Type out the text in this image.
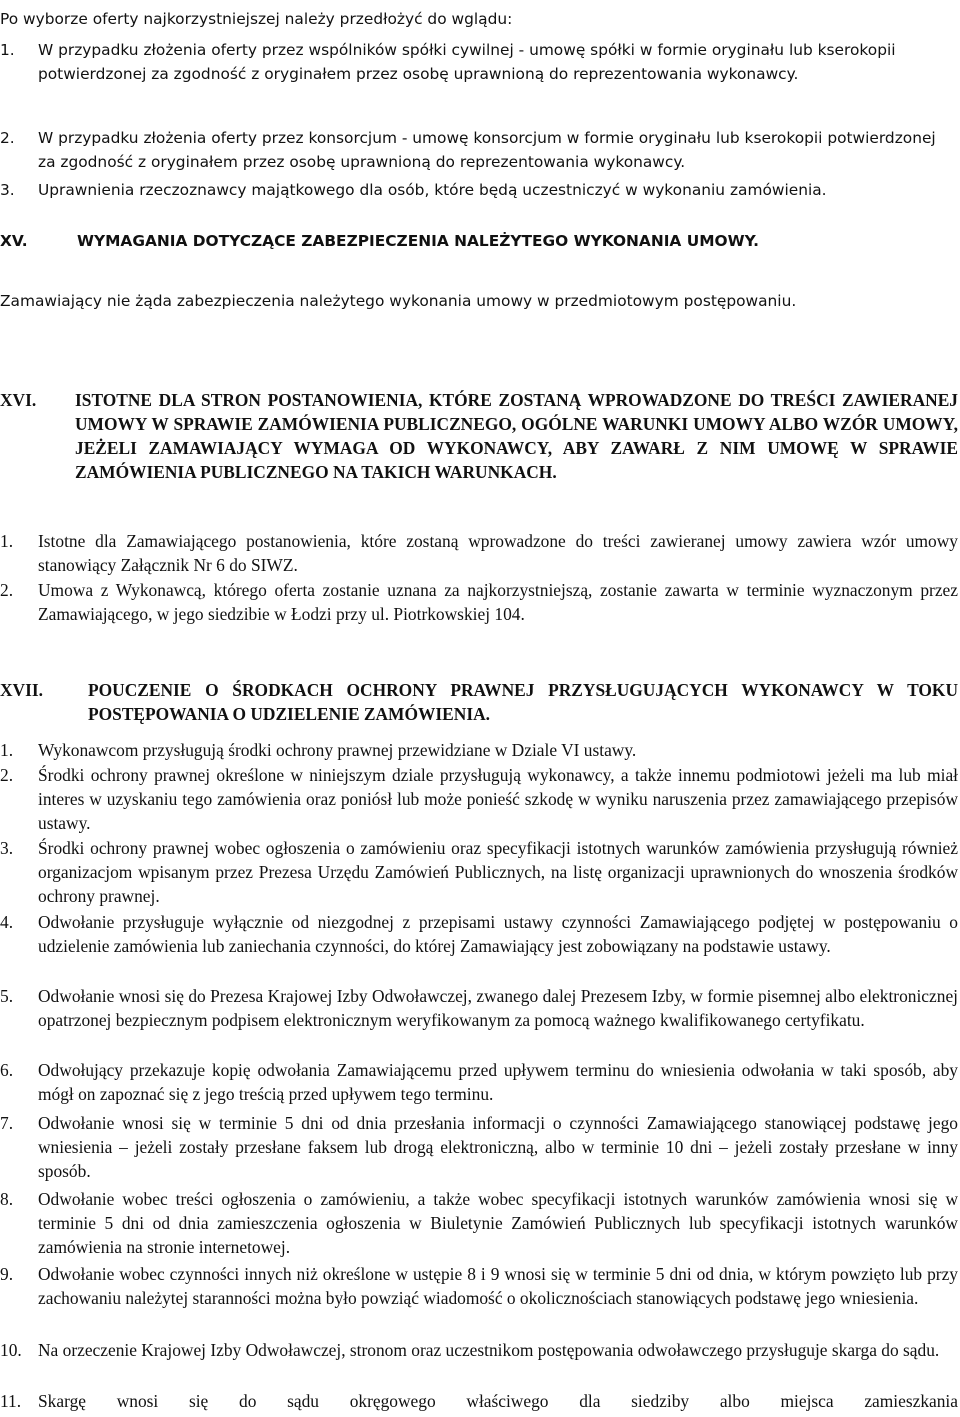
Po wyborze oferty najkorzystniejszej należy przedłożyć do wglądu:
1. W przypadku złożenia oferty przez wspólników spółki cywilnej - umowę spółki w formie oryginału lub kserokopii potwierdzonej za zgodność z oryginałem przez osobę uprawnioną do reprezentowania wykonawcy.
2. W przypadku złożenia oferty przez konsorcjum - umowę konsorcjum w formie oryginału lub kserokopii potwierdzonej za zgodność z oryginałem przez osobę uprawnioną do reprezentowania wykonawcy.
3. Uprawnienia rzeczoznawcy majątkowego dla osób, które będą uczestniczyć w wykonaniu zamówienia.
XV.	WYMAGANIA DOTYCZĄCE ZABEZPIECZENIA NALEŻYTEGO WYKONANIA UMOWY.
Zamawiający nie żąda zabezpieczenia należytego wykonania umowy w przedmiotowym postępowaniu.
XVI. ISTOTNE DLA STRON POSTANOWIENIA, KTÓRE ZOSTANĄ WPROWADZONE DO TREŚCI ZAWIERANEJ UMOWY W SPRAWIE ZAMÓWIENIA PUBLICZNEGO, OGÓLNE WARUNKI UMOWY ALBO WZÓR UMOWY, JEŻELI ZAMAWIAJĄCY WYMAGA OD WYKONAWCY, ABY ZAWARŁ Z NIM UMOWĘ W SPRAWIE ZAMÓWIENIA PUBLICZNEGO NA TAKICH WARUNKACH.
1. Istotne dla Zamawiającego postanowienia, które zostaną wprowadzone do treści zawieranej umowy zawiera wzór umowy stanowiący Załącznik Nr 6 do SIWZ.
2. Umowa z Wykonawcą, którego oferta zostanie uznana za najkorzystniejszą, zostanie zawarta w terminie wyznaczonym przez Zamawiającego, w jego siedzibie w Łodzi przy ul. Piotrkowskiej 104.
XVII.	POUCZENIE O ŚRODKACH OCHRONY PRAWNEJ PRZYSŁUGUJĄCYCH WYKONAWCY W TOKU POSTĘPOWANIA O UDZIELENIE ZAMÓWIENIA.
1. Wykonawcom przysługują środki ochrony prawnej przewidziane w Dziale VI ustawy.
2. Środki ochrony prawnej określone w niniejszym dziale przysługują wykonawcy, a także innemu podmiotowi jeżeli ma lub miał interes w uzyskaniu tego zamówienia oraz poniósł lub może ponieść szkodę w wyniku naruszenia przez zamawiającego przepisów ustawy.
3. Środki ochrony prawnej wobec ogłoszenia o zamówieniu oraz specyfikacji istotnych warunków zamówienia przysługują również organizacjom wpisanym przez Prezesa Urzędu Zamówień Publicznych, na listę organizacji uprawnionych do wnoszenia środków ochrony prawnej.
4. Odwołanie przysługuje wyłącznie od niezgodnej z przepisami ustawy czynności Zamawiającego podjętej w postępowaniu o udzielenie zamówienia lub zaniechania czynności, do której Zamawiający jest zobowiązany na podstawie ustawy.
5. Odwołanie wnosi się do Prezesa Krajowej Izby Odwoławczej, zwanego dalej Prezesem Izby, w formie pisemnej albo elektronicznej opatrzonej bezpiecznym podpisem elektronicznym weryfikowanym za pomocą ważnego kwalifikowanego certyfikatu.
6. Odwołujący przekazuje kopię odwołania Zamawiającemu przed upływem terminu do wniesienia odwołania w taki sposób, aby mógł on zapoznać się z jego treścią przed upływem tego terminu.
7. Odwołanie wnosi się w terminie 5 dni od dnia przesłania informacji o czynności Zamawiającego stanowiącej podstawę jego wniesienia – jeżeli zostały przesłane faksem lub drogą elektroniczną, albo w terminie 10 dni – jeżeli zostały przesłane w inny sposób.
8. Odwołanie wobec treści ogłoszenia o zamówieniu, a także wobec specyfikacji istotnych warunków zamówienia wnosi się w terminie 5 dni od dnia zamieszczenia ogłoszenia w Biuletynie Zamówień Publicznych lub specyfikacji istotnych warunków zamówienia na stronie internetowej.
9. Odwołanie wobec czynności innych niż określone w ustępie 8 i 9 wnosi się w terminie 5 dni od dnia, w którym powzięto lub przy zachowaniu należytej staranności można było powziąć wiadomość o okolicznościach stanowiących podstawę jego wniesienia.
10. Na orzeczenie Krajowej Izby Odwoławczej, stronom oraz uczestnikom postępowania odwoławczego przysługuje skarga do sądu.
11. Skargę wnosi się do sądu okręgowego właściwego dla siedziby albo miejsca zamieszkania
